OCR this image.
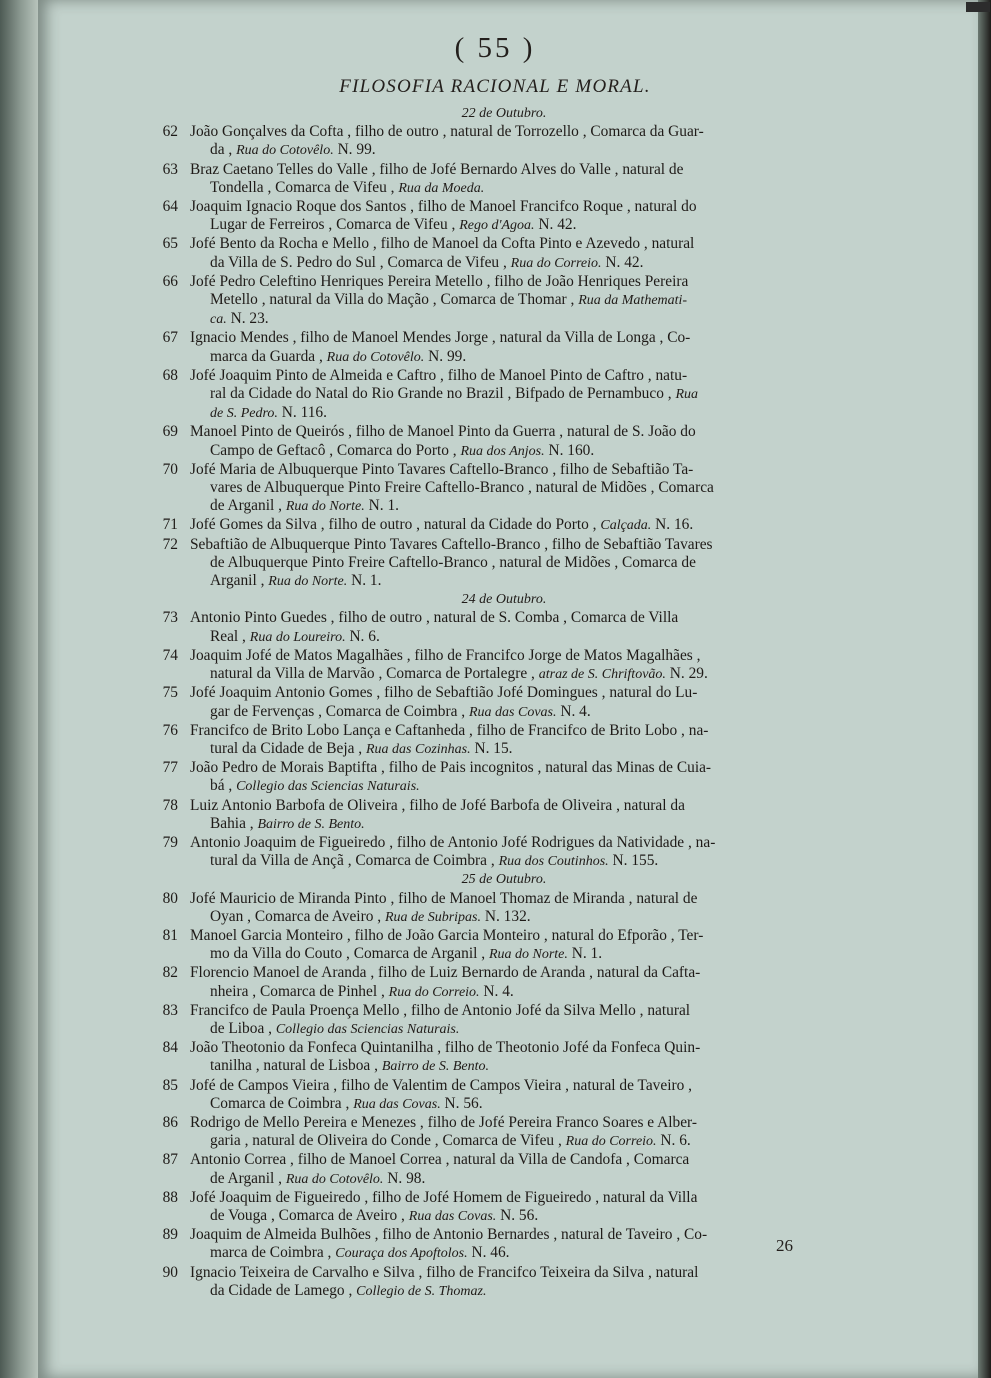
( 55 )
FILOSOFIA RACIONAL E MORAL.
22 de Outubro.
62 João Gonçalves da Cofta , filho de outro , natural de Torrozello , Comarca da Guar-
da , Rua do Cotovêlo. N. 99.
63 Braz Caetano Telles do Valle , filho de Jofé Bernardo Alves do Valle , natural de
Tondella , Comarca de Vifeu , Rua da Moeda.
64 Joaquim Ignacio Roque dos Santos , filho de Manoel Francifco Roque , natural do
Lugar de Ferreiros , Comarca de Vifeu , Rego d'Agoa. N. 42.
65 Jofé Bento da Rocha e Mello , filho de Manoel da Cofta Pinto e Azevedo , natural
da Villa de S. Pedro do Sul , Comarca de Vifeu , Rua do Correio. N. 42.
66 Jofé Pedro Celeftino Henriques Pereira Metello , filho de João Henriques Pereira
Metello , natural da Villa do Mação , Comarca de Thomar , Rua da Mathemati-
ca. N. 23.
67 Ignacio Mendes , filho de Manoel Mendes Jorge , natural da Villa de Longa , Co-
marca da Guarda , Rua do Cotovêlo. N. 99.
68 Jofé Joaquim Pinto de Almeida e Caftro , filho de Manoel Pinto de Caftro , natu-
ral da Cidade do Natal do Rio Grande no Brazil , Bifpado de Pernambuco , Rua
de S. Pedro. N. 116.
69 Manoel Pinto de Queirós , filho de Manoel Pinto da Guerra , natural de S. João do
Campo de Geftacô , Comarca do Porto , Rua dos Anjos. N. 160.
70 Jofé Maria de Albuquerque Pinto Tavares Caftello-Branco , filho de Sebaftião Ta-
vares de Albuquerque Pinto Freire Caftello-Branco , natural de Midões , Comarca
de Arganil , Rua do Norte. N. 1.
71 Jofé Gomes da Silva , filho de outro , natural da Cidade do Porto , Calçada. N. 16.
72 Sebaftião de Albuquerque Pinto Tavares Caftello-Branco , filho de Sebaftião Tavares
de Albuquerque Pinto Freire Caftello-Branco , natural de Midões , Comarca de
Arganil , Rua do Norte. N. 1.
24 de Outubro.
73 Antonio Pinto Guedes , filho de outro , natural de S. Comba , Comarca de Villa
Real , Rua do Loureiro. N. 6.
74 Joaquim Jofé de Matos Magalhães , filho de Francifco Jorge de Matos Magalhães ,
natural da Villa de Marvão , Comarca de Portalegre , atraz de S. Chriftovão. N. 29.
75 Jofé Joaquim Antonio Gomes , filho de Sebaftião Jofé Domingues , natural do Lu-
gar de Fervenças , Comarca de Coimbra , Rua das Covas. N. 4.
76 Francifco de Brito Lobo Lança e Caftanheda , filho de Francifco de Brito Lobo , na-
tural da Cidade de Beja , Rua das Cozinhas. N. 15.
77 João Pedro de Morais Baptifta , filho de Pais incognitos , natural das Minas de Cuia-
bá , Collegio das Sciencias Naturais.
78 Luiz Antonio Barbofa de Oliveira , filho de Jofé Barbofa de Oliveira , natural da
Bahia , Bairro de S. Bento.
79 Antonio Joaquim de Figueiredo , filho de Antonio Jofé Rodrigues da Natividade , na-
tural da Villa de Ançã , Comarca de Coimbra , Rua dos Coutinhos. N. 155.
25 de Outubro.
80 Jofé Mauricio de Miranda Pinto , filho de Manoel Thomaz de Miranda , natural de
Oyan , Comarca de Aveiro , Rua de Subripas. N. 132.
81 Manoel Garcia Monteiro , filho de João Garcia Monteiro , natural do Efporão , Ter-
mo da Villa do Couto , Comarca de Arganil , Rua do Norte. N. 1.
82 Florencio Manoel de Aranda , filho de Luiz Bernardo de Aranda , natural da Cafta-
nheira , Comarca de Pinhel , Rua do Correio. N. 4.
83 Francifco de Paula Proença Mello , filho de Antonio Jofé da Silva Mello , natural
de Liboa , Collegio das Sciencias Naturais.
84 João Theotonio da Fonfeca Quintanilha , filho de Theotonio Jofé da Fonfeca Quin-
tanilha , natural de Lisboa , Bairro de S. Bento.
85 Jofé de Campos Vieira , filho de Valentim de Campos Vieira , natural de Taveiro ,
Comarca de Coimbra , Rua das Covas. N. 56.
86 Rodrigo de Mello Pereira e Menezes , filho de Jofé Pereira Franco Soares e Alber-
garia , natural de Oliveira do Conde , Comarca de Vifeu , Rua do Correio. N. 6.
87 Antonio Correa , filho de Manoel Correa , natural da Villa de Candofa , Comarca
de Arganil , Rua do Cotovêlo. N. 98.
88 Jofé Joaquim de Figueiredo , filho de Jofé Homem de Figueiredo , natural da Villa
de Vouga , Comarca de Aveiro , Rua das Covas. N. 56.
89 Joaquim de Almeida Bulhões , filho de Antonio Bernardes , natural de Taveiro , Co-
marca de Coimbra , Couraça dos Apoftolos. N. 46.
90 Ignacio Teixeira de Carvalho e Silva , filho de Francifco Teixeira da Silva , natural
da Cidade de Lamego , Collegio de S. Thomaz.
26
